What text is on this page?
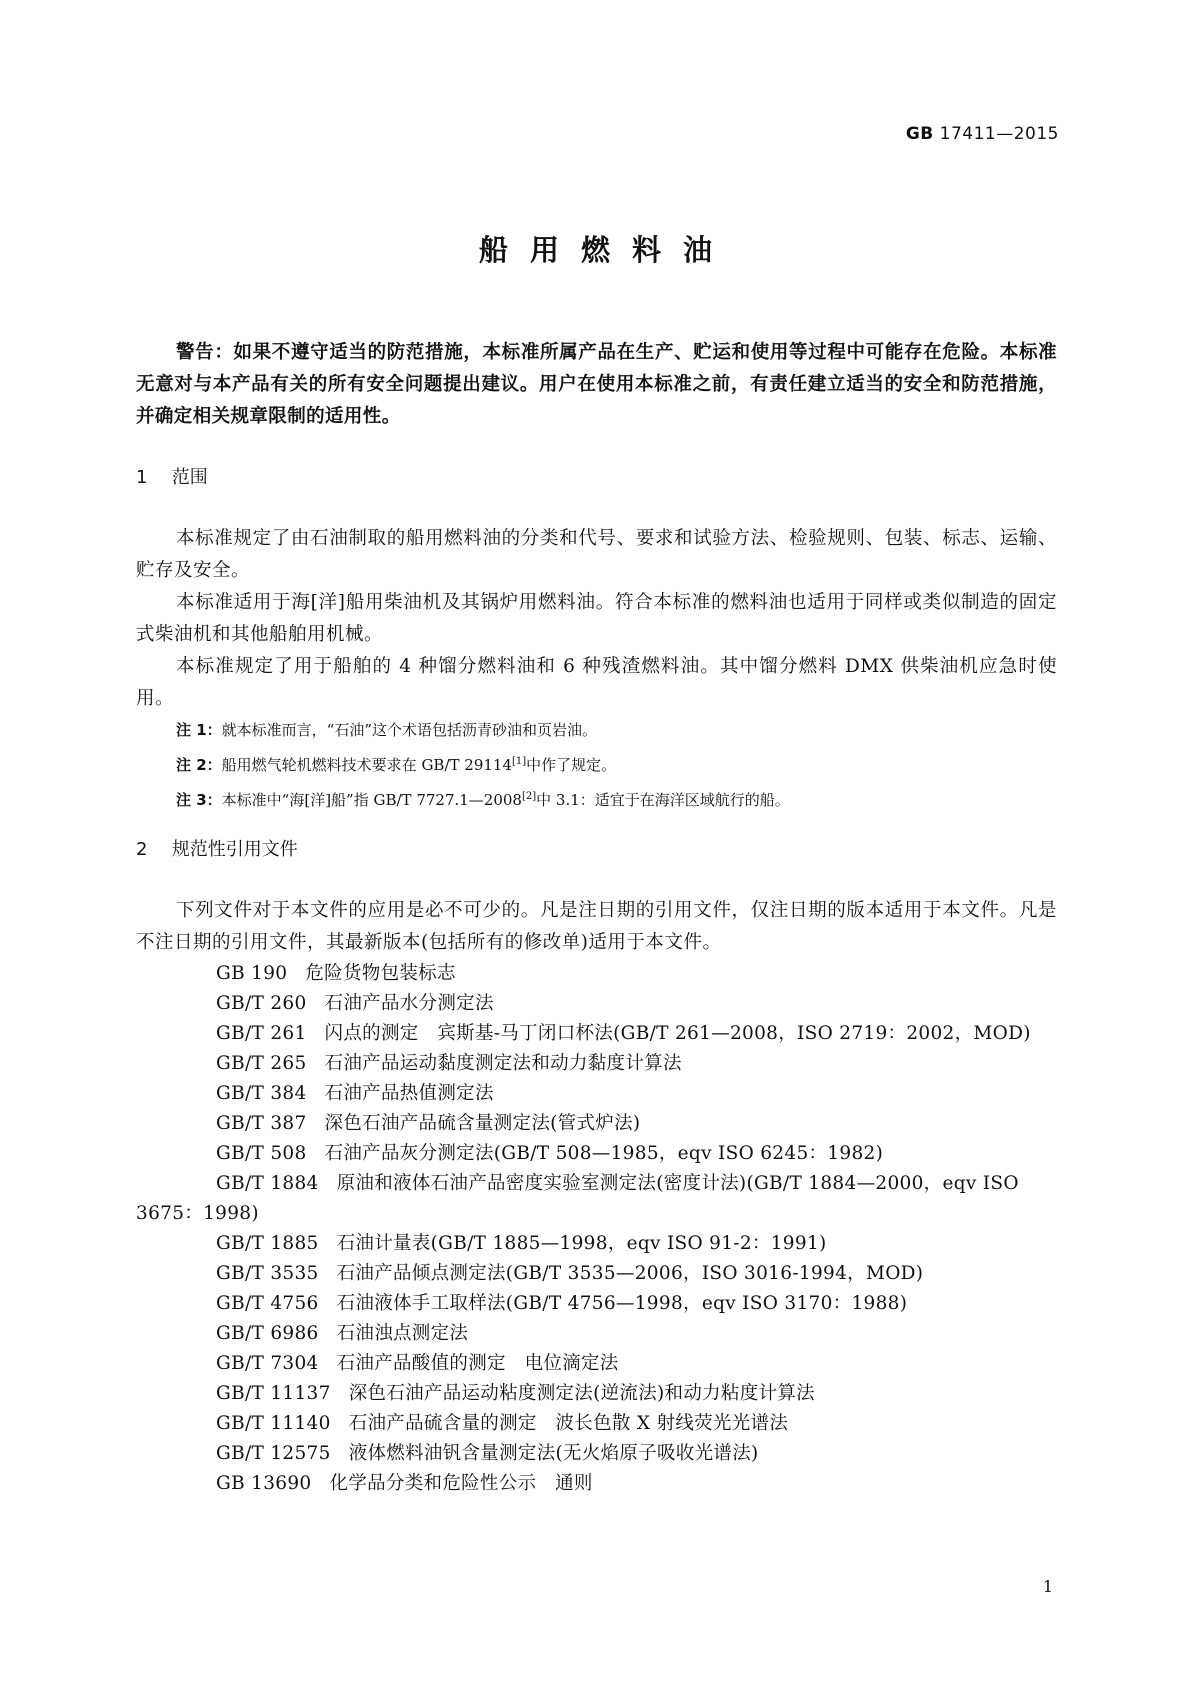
GB 17411—2015
船用燃料油
警告：如果不遵守适当的防范措施，本标准所属产品在生产、贮运和使用等过程中可能存在危险。本标准无意对与本产品有关的所有安全问题提出建议。用户在使用本标准之前，有责任建立适当的安全和防范措施，并确定相关规章限制的适用性。
1 范围

本标准规定了由石油制取的船用燃料油的分类和代号、要求和试验方法、检验规则、包装、标志、运输、贮存及安全。

本标准适用于海[洋]船用柴油机及其锅炉用燃料油。符合本标准的燃料油也适用于同样或类似制造的固定式柴油机和其他船舶用机械。

本标准规定了用于船舶的 4 种馏分燃料油和 6 种残渣燃料油。其中馏分燃料 DMX 供柴油机应急时使用。

注 1：就本标准而言，“石油”这个术语包括沥青砂油和页岩油。

注 2：船用燃气轮机燃料技术要求在 GB/T 29114[1]中作了规定。

注 3：本标准中“海[洋]船”指 GB/T 7727.1—2008[2]中 3.1：适宜于在海洋区域航行的船。

2 规范性引用文件

下列文件对于本文件的应用是必不可少的。凡是注日期的引用文件，仅注日期的版本适用于本文件。凡是不注日期的引用文件，其最新版本(包括所有的修改单)适用于本文件。

GB 190 危险货物包装标志

GB/T 260 石油产品水分测定法

GB/T 261 闪点的测定　宾斯基-马丁闭口杯法(GB/T 261—2008，ISO 2719：2002，MOD)

GB/T 265 石油产品运动黏度测定法和动力黏度计算法

GB/T 384 石油产品热值测定法

GB/T 387 深色石油产品硫含量测定法(管式炉法)

GB/T 508 石油产品灰分测定法(GB/T 508—1985，eqv ISO 6245：1982)

GB/T 1884 原油和液体石油产品密度实验室测定法(密度计法)(GB/T 1884—2000，eqv ISO 3675：1998)

GB/T 1885 石油计量表(GB/T 1885—1998，eqv ISO 91-2：1991)

GB/T 3535 石油产品倾点测定法(GB/T 3535—2006，ISO 3016-1994，MOD)

GB/T 4756 石油液体手工取样法(GB/T 4756—1998，eqv ISO 3170：1988)

GB/T 6986 石油浊点测定法

GB/T 7304 石油产品酸值的测定　电位滴定法

GB/T 11137 深色石油产品运动粘度测定法(逆流法)和动力粘度计算法

GB/T 11140 石油产品硫含量的测定　波长色散 X 射线荧光光谱法

GB/T 12575 液体燃料油钒含量测定法(无火焰原子吸收光谱法)

GB 13690 化学品分类和危险性公示　通则

1
